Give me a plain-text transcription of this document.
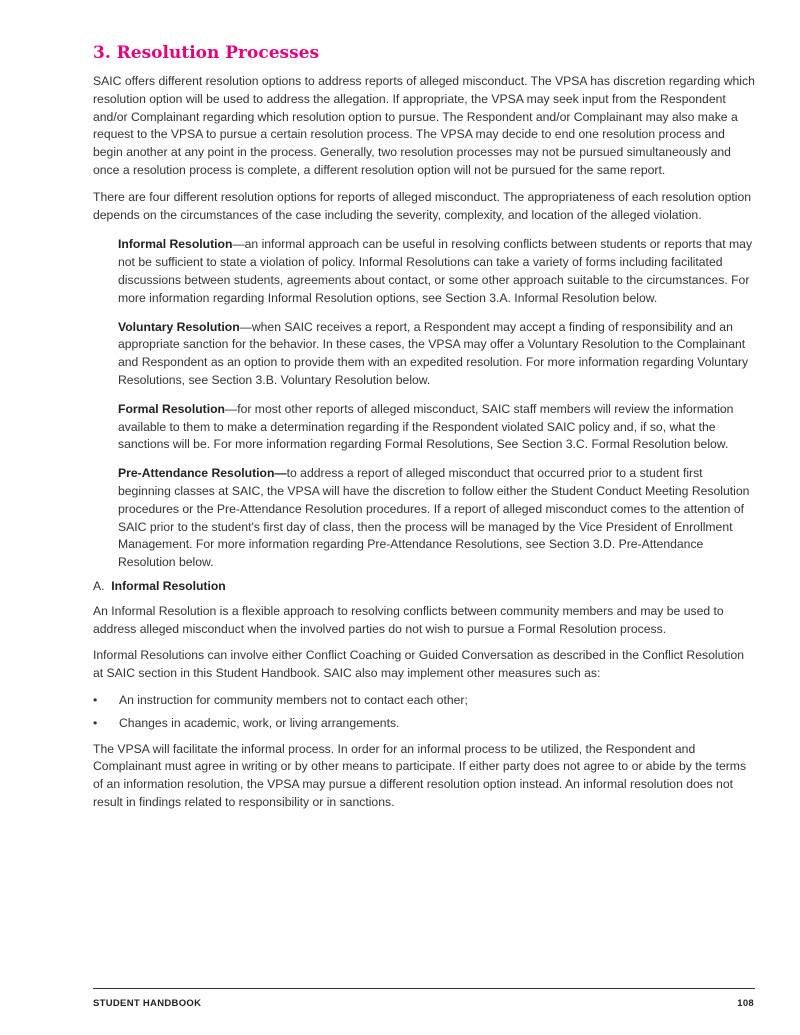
3. Resolution Processes

SAIC offers different resolution options to address reports of alleged misconduct. The VPSA has discretion regarding which resolution option will be used to address the allegation. If appropriate, the VPSA may seek input from the Respondent and/or Complainant regarding which resolution option to pursue. The Respondent and/or Complainant may also make a request to the VPSA to pursue a certain resolution process. The VPSA may decide to end one resolution process and begin another at any point in the process. Generally, two resolution processes may not be pursued simultaneously and once a resolution process is complete, a different resolution option will not be pursued for the same report.

There are four different resolution options for reports of alleged misconduct. The appropriateness of each resolution option depends on the circumstances of the case including the severity, complexity, and location of the alleged violation.

Informal Resolution—an informal approach can be useful in resolving conflicts between students or reports that may not be sufficient to state a violation of policy. Informal Resolutions can take a variety of forms including facilitated discussions between students, agreements about contact, or some other approach suitable to the circumstances. For more information regarding Informal Resolution options, see Section 3.A. Informal Resolution below.

Voluntary Resolution—when SAIC receives a report, a Respondent may accept a finding of responsibility and an appropriate sanction for the behavior. In these cases, the VPSA may offer a Voluntary Resolution to the Complainant and Respondent as an option to provide them with an expedited resolution. For more information regarding Voluntary Resolutions, see Section 3.B. Voluntary Resolution below.

Formal Resolution—for most other reports of alleged misconduct, SAIC staff members will review the information available to them to make a determination regarding if the Respondent violated SAIC policy and, if so, what the sanctions will be. For more information regarding Formal Resolutions, See Section 3.C. Formal Resolution below.

Pre-Attendance Resolution—to address a report of alleged misconduct that occurred prior to a student first beginning classes at SAIC, the VPSA will have the discretion to follow either the Student Conduct Meeting Resolution procedures or the Pre-Attendance Resolution procedures. If a report of alleged misconduct comes to the attention of SAIC prior to the student's first day of class, then the process will be managed by the Vice President of Enrollment Management. For more information regarding Pre-Attendance Resolutions, see Section 3.D. Pre-Attendance Resolution below.

A. Informal Resolution

An Informal Resolution is a flexible approach to resolving conflicts between community members and may be used to address alleged misconduct when the involved parties do not wish to pursue a Formal Resolution process.

Informal Resolutions can involve either Conflict Coaching or Guided Conversation as described in the Conflict Resolution at SAIC section in this Student Handbook. SAIC also may implement other measures such as:

• An instruction for community members not to contact each other;
• Changes in academic, work, or living arrangements.

The VPSA will facilitate the informal process. In order for an informal process to be utilized, the Respondent and Complainant must agree in writing or by other means to participate. If either party does not agree to or abide by the terms of an information resolution, the VPSA may pursue a different resolution option instead. An informal resolution does not result in findings related to responsibility or in sanctions.

STUDENT HANDBOOK	108
